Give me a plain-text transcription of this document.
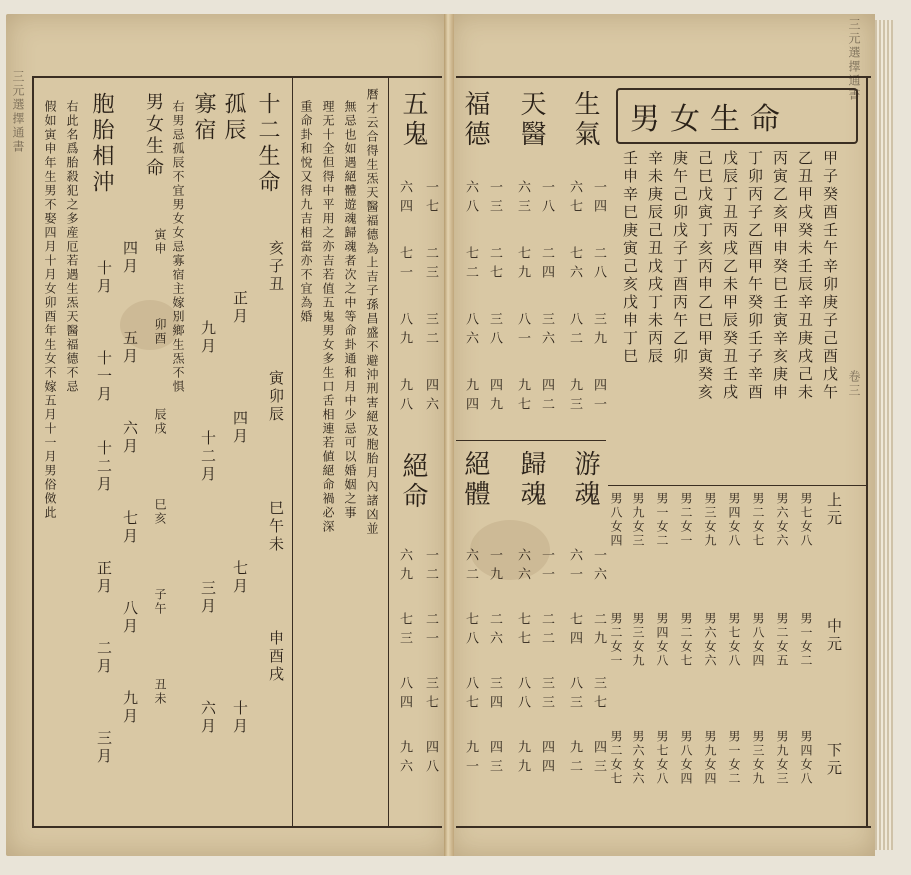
三元選擇通書
卷三
男女生命
生氣
天醫
福德
游魂
歸魂
絕體
甲子癸酉壬午辛卯庚子己酉戊午
乙丑甲戌癸未壬辰辛丑庚戌己未
丙寅乙亥甲申癸巳壬寅辛亥庚申
丁卯丙子乙酉甲午癸卯壬子辛酉
戊辰丁丑丙戌乙未甲辰癸丑壬戌
己巳戊寅丁亥丙申乙巳甲寅癸亥
庚午己卯戊子丁酉丙午乙卯
辛未庚辰己丑戊戌丁未丙辰
壬申辛巳庚寅己亥戊申丁巳
上元
中元
下元
男七女八
男一女二
男四女八
男六女六
男二女五
男九女三
男二女七
男八女四
男三女九
男四女八
男七女八
男一女二
男三女九
男六女六
男九女四
男二女一
男二女七
男八女四
男一女二
男四女八
男七女八
男九女三
男三女九
男六女六
男八女四
男二女一
男二女七
一四
二八
三九
四一
六七
七六
八二
九三
一八
二四
三六
四二
六三
七九
八一
九七
一三
二七
三八
四九
六八
七二
八六
九四
一六
二九
三七
四三
六一
七四
八三
九二
一一
二二
三三
四四
六六
七七
八八
九九
一九
二六
三四
四三
六二
七八
八七
九一
三元選擇通書	五鬼
絕命
一七
二三
三二
四六
六四
七一
八九
九八
一二
二一
三七
四八
六九
七三
八四
九六
曆才云合得生炁天醫福德為上吉子孫昌盛不避沖刑害絕及胞胎月內諸凶並
無忌也如遇絕體遊魂歸魂者次之中等命卦通和月中少忌可以婚姻之事
理无十全但得中平用之亦吉若值五鬼男女多生口舌相連若値絕命禍必深
重命卦和悅又得九吉相當亦不宜為婚
十二生命
亥子丑
寅卯辰
巳午未
申酉戌
孤辰
正月
四月
七月
十月
寡宿
九月
十二月
三月
六月
右男忌孤辰不宜男女女忌寡宿主嫁別鄉生炁不惧
男女生命
寅申
卯酉
辰戌
巳亥
子午
丑未
胞胎相沖
四月
五月
六月
七月
八月
九月
十月
十一月
十二月
正月
二月
三月
右此名爲胎殺犯之多産厄若遇生炁天醫福德不忌
假如寅申年生男不娶四月十月女卯酉年生女不嫁五月十一月男俗傚此
